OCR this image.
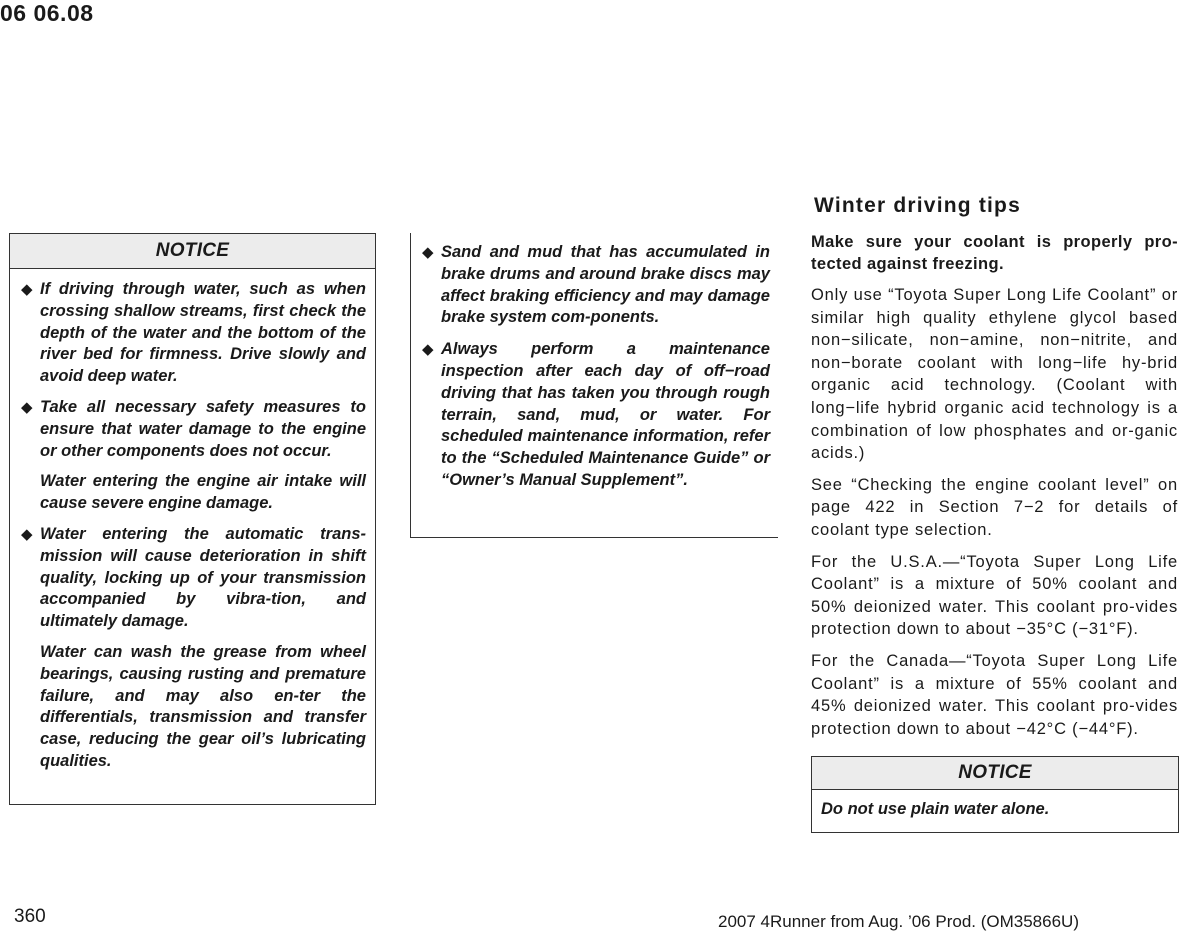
06 06.08
NOTICE
◆ If driving through water, such as when crossing shallow streams, first check the depth of the water and the bottom of the river bed for firmness. Drive slowly and avoid deep water.
◆ Take all necessary safety measures to ensure that water damage to the engine or other components does not occur.
Water entering the engine air intake will cause severe engine damage.
◆ Water entering the automatic trans-mission will cause deterioration in shift quality, locking up of your transmission accompanied by vibra-tion, and ultimately damage.
Water can wash the grease from wheel bearings, causing rusting and premature failure, and may also en-ter the differentials, transmission and transfer case, reducing the gear oil’s lubricating qualities.
◆ Sand and mud that has accumulated in brake drums and around brake discs may affect braking efficiency and may damage brake system com-ponents.
◆ Always perform a maintenance inspection after each day of off−road driving that has taken you through rough terrain, sand, mud, or water. For scheduled maintenance information, refer to the “Scheduled Maintenance Guide” or “Owner’s Manual Supplement”.
Winter driving tips

Make sure your coolant is properly pro-tected against freezing.

Only use “Toyota Super Long Life Coolant” or similar high quality ethylene glycol based non−silicate, non−amine, non−nitrite, and non−borate coolant with long−life hy-brid organic acid technology. (Coolant with long−life hybrid organic acid technology is a combination of low phosphates and or-ganic acids.)

See “Checking the engine coolant level” on page 422 in Section 7−2 for details of coolant type selection.

For the U.S.A.—“Toyota Super Long Life Coolant” is a mixture of 50% coolant and 50% deionized water. This coolant pro-vides protection down to about −35°C (−31°F).

For the Canada—“Toyota Super Long Life Coolant” is a mixture of 55% coolant and 45% deionized water. This coolant pro-vides protection down to about −42°C (−44°F).

NOTICE
Do not use plain water alone.
360	2007 4Runner from Aug. ’06 Prod. (OM35866U)
